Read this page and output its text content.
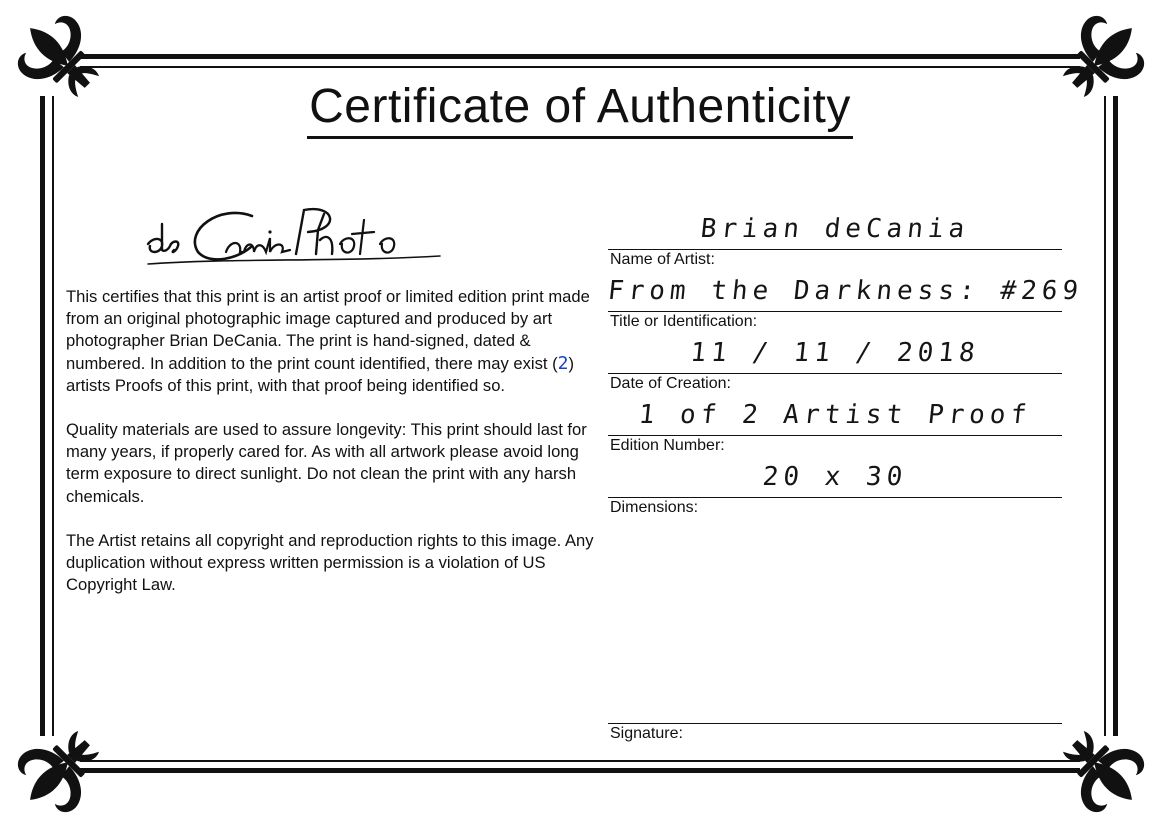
Certificate of Authenticity

This certifies that this print is an artist proof or limited edition print made from an original photographic image captured and produced by art photographer Brian DeCania. The print is hand-signed, dated & numbered. In addition to the print count identified, there may exist (2) artists Proofs of this print, with that proof being identified so.

Quality materials are used to assure longevity: This print should last for many years, if properly cared for. As with all artwork please avoid long term exposure to direct sunlight. Do not clean the print with any harsh chemicals.

The Artist retains all copyright and reproduction rights to this image. Any duplication without express written permission is a violation of US Copyright Law.

Brian deCania
Name of Artist:
From the Darkness: #269
Title or Identification:
11 / 11 / 2018
Date of Creation:
1 of 2 Artist Proof
Edition Number:
20 x 30
Dimensions:
Signature:
